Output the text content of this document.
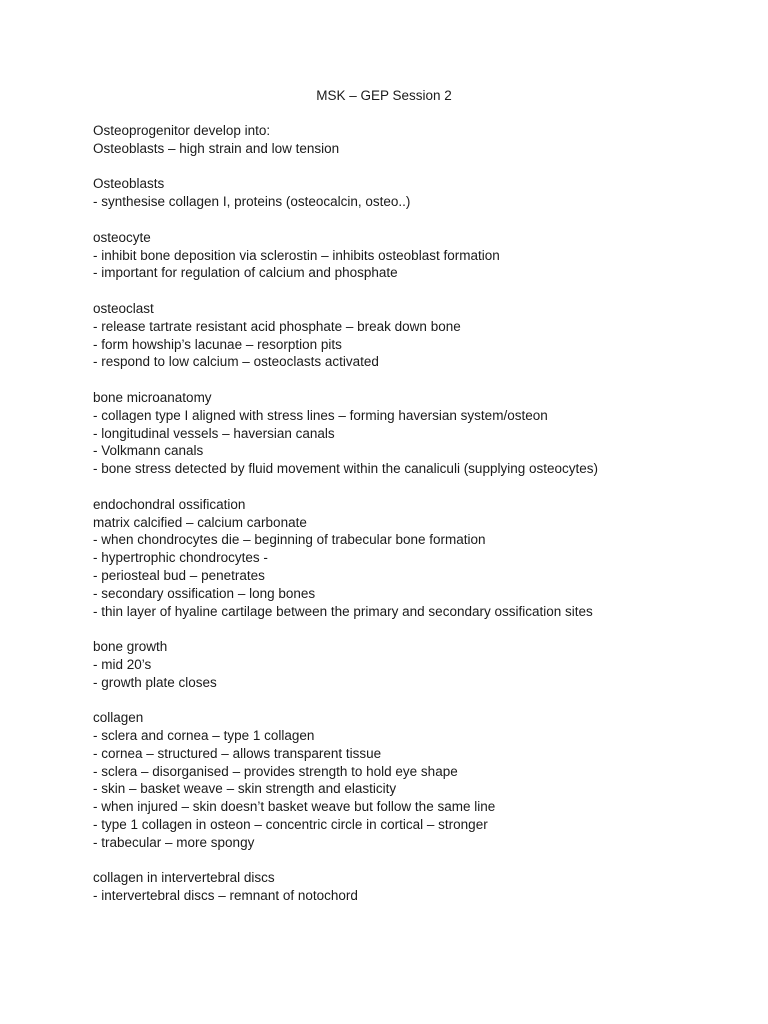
MSK – GEP Session 2
Osteoprogenitor develop into:
Osteoblasts – high strain and low tension
Osteoblasts
- synthesise collagen I, proteins (osteocalcin, osteo..)
osteocyte
- inhibit bone deposition via sclerostin – inhibits osteoblast formation
- important for regulation of calcium and phosphate
osteoclast
- release tartrate resistant acid phosphate – break down bone
- form howship’s lacunae – resorption pits
- respond to low calcium – osteoclasts activated
bone microanatomy
- collagen type I aligned with stress lines – forming haversian system/osteon
- longitudinal vessels – haversian canals
- Volkmann canals
- bone stress detected by fluid movement within the canaliculi (supplying osteocytes)
endochondral ossification
matrix calcified – calcium carbonate
- when chondrocytes die – beginning of trabecular bone formation
- hypertrophic chondrocytes -
- periosteal bud – penetrates
- secondary ossification – long bones
- thin layer of hyaline cartilage between the primary and secondary ossification sites
bone growth
- mid 20’s
- growth plate closes
collagen
- sclera and cornea – type 1 collagen
- cornea – structured – allows transparent tissue
- sclera – disorganised – provides strength to hold eye shape
- skin – basket weave – skin strength and elasticity
- when injured – skin doesn’t basket weave but follow the same line
- type 1 collagen in osteon – concentric circle in cortical – stronger
- trabecular – more spongy
collagen in intervertebral discs
- intervertebral discs – remnant of notochord
